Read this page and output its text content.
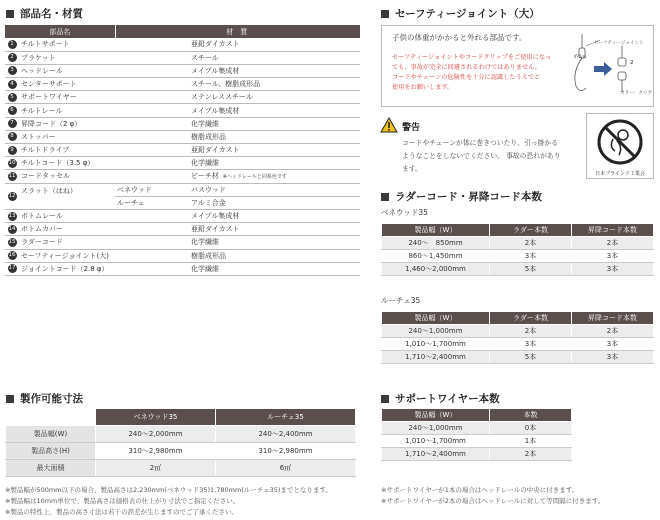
部品名・材質
部品名		材　質
1	チルトサポート	亜鉛ダイカスト
2	ブラケット	スチール
3	ヘッドレール	メイプル集成材
4	センターサポート	スチール、樹脂成形品
5	サポートワイヤー	ステンレススチール
6	チルトレール	メイプル集成材
7	昇降コード（2 φ）	化学繊維
8	ストッパー	樹脂成形品
9	チルトドライブ	亜鉛ダイカスト
10	チルトコード（3.5 φ）	化学繊維
11	コードタッセル	ビーチ材 ※ヘッドレールと同系色です
12	スラット（はね）	ベネウッド バスウッド
		ルーチェ アルミ合金
13	ボトムレール	メイプル集成材
14	ボトムカバー	亜鉛ダイカスト
15	ラダーコード	化学繊維
16	セーフティージョイント(大)	樹脂成形品
17	ジョイントコード（2.8 φ）	化学繊維
製作可能寸法
	ベネウッド35	ルーチェ35
製品幅(W)	240～2,000mm	240～2,400mm
製品高さ(H)	310～2,980mm	310～2,980mm
最大面積	2㎡	6㎡
※製品幅が500mm以下の場合、製品高さは2,230mm(ベネウッド35)1,780mm(ルーチェ35)までとなります。
※製品幅は10mm単位で、製品高さは価格表の仕上がり寸法でご指定ください。
※製品の特性上、製品の高さ寸法は若干の誤差が生じますのでご了承ください。
セーフティージョイント（大）
子供の体重がかかると外れる部品です。
セーフティージョイントやコードクリップをご使用になっ
ても、事故が完全に回避されるわけではありません。
コードやチェーンの危険性を十分に認識したうえでご
使用をお願いします。
セーフティージョイント
約5㎝
2
カラー：クリア
警告
コードやチェーンが体に巻きついたり、引っ掛かる
ようなことをしないでください。 事故の恐れがあり
ます。
日本ブラインド工業会
ラダーコード・昇降コード本数
ベネウッド35
製品幅（W）	ラダー本数	昇降コード本数
240～　850mm	2本	2本
860～1,450mm	3本	3本
1,460～2,000mm	5本	3本
ルーチェ35
製品幅（W）	ラダー本数	昇降コード本数
240～1,000mm	2本	2本
1,010～1,700mm	3本	3本
1,710～2,400mm	5本	3本
サポートワイヤー本数
製品幅（W）	本数
240～1,000mm	0本
1,010～1,700mm	1本
1,710～2,400mm	2本
※サポートワイヤーが1本の場合はヘッドレールの中央に付きます。
※サポートワイヤーが2本の場合はヘッドレールに対して等間隔に付きます。
